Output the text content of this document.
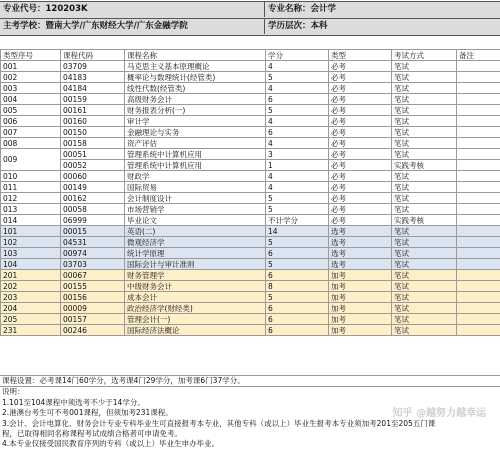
专业代号：120203K	专业名称：会计学
主考学校：暨南大学/广东财经大学/广东金融学院	学历层次：本科
类型序号	课程代码	课程名称	学分	类型	考试方式	备注
001	03709	马克思主义基本原理概论	4	必考	笔试	
002	04183	概率论与数理统计(经管类)	5	必考	笔试	
003	04184	线性代数(经管类)	4	必考	笔试	
004	00159	高级财务会计	6	必考	笔试	
005	00161	财务报表分析(一)	5	必考	笔试	
006	00160	审计学	4	必考	笔试	
007	00150	金融理论与实务	6	必考	笔试	
008	00158	资产评估	4	必考	笔试	
009	00051	管理系统中计算机应用	3	必考	笔试	
	00052	管理系统中计算机应用	1	必考	实践考核	
010	00060	财政学	4	必考	笔试	
011	00149	国际贸易	4	必考	笔试	
012	00162	会计制度设计	5	必考	笔试	
013	00058	市场营销学	5	必考	笔试	
014	06999	毕业论文	不计学分	必考	实践考核	
101	00015	英语(二)	14	选考	笔试	
102	04531	微观经济学	5	选考	笔试	
103	00974	统计学原理	6	选考	笔试	
104	03703	国际会计与审计准则	5	选考	笔试	
201	00067	财务管理学	6	加考	笔试	
202	00155	中级财务会计	8	加考	笔试	
203	00156	成本会计	5	加考	笔试	
204	00009	政治经济学(财经类)	6	加考	笔试	
205	00157	管理会计(一)	6	加考	笔试	
231	00246	国际经济法概论	6	加考	笔试	
课程设置：必考课14门60学分，选考课4门29学分，加考课6门37学分。
说明：
1.101至104课程中须选考不少于14学分。
2.港澳台考生可不考001课程，但须加考231课程。
3.会计、会计电算化、财务会计专业专科毕业生可直接报考本专业，其他专科（或以上）毕业生报考本专业须加考201至205五门课
程，已取得相同名称课程考试成绩合格者可申请免考。
4.本专业仅接受国民教育序列的专科（或以上）毕业生申办毕业。
知乎 @越努力越幸运
